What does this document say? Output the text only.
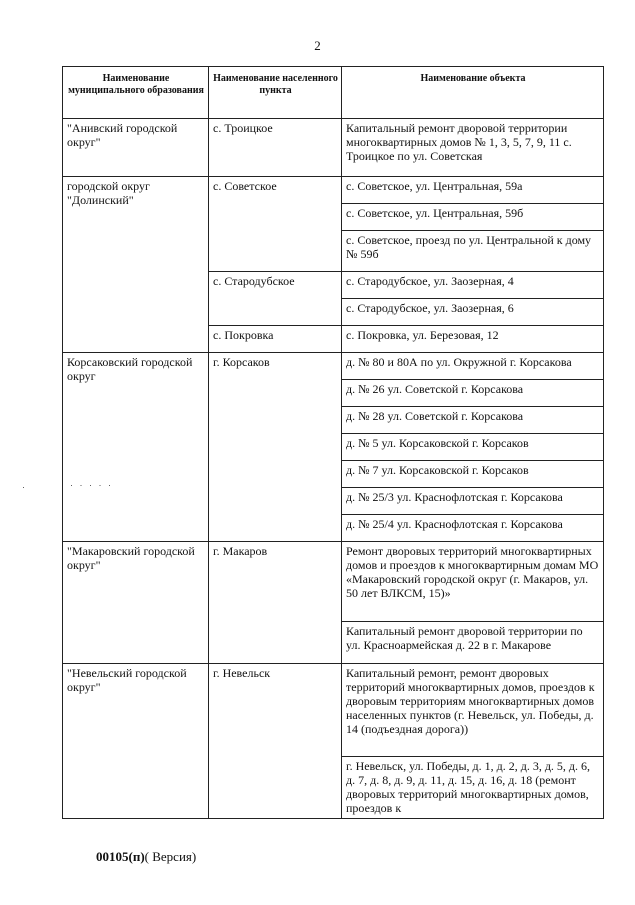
2
Наименование муниципального образования	Наименование населенного пункта	Наименование объекта
"Анивский городской округ"	с. Троицкое	Капитальный ремонт дворовой территории многоквартирных домов № 1, 3, 5, 7, 9, 11 с. Троицкое по ул. Советская
городской округ "Долинский"	с. Советское	с. Советское, ул. Центральная, 59а
		с. Советское, ул. Центральная, 59б
		с. Советское, проезд по ул. Центральной к дому № 59б
	с. Стародубское	с. Стародубское, ул. Заозерная, 4
		с. Стародубское, ул. Заозерная, 6
	с. Покровка	с. Покровка, ул. Березовая, 12
Корсаковский городской округ	г. Корсаков	д. № 80 и 80А по ул. Окружной г. Корсакова
		д. № 26 ул. Советской г. Корсакова
		д. № 28 ул. Советской г. Корсакова
		д. № 5 ул. Корсаковской г. Корсаков
		д. № 7 ул. Корсаковской г. Корсаков
		д. № 25/3 ул. Краснофлотская г. Корсакова
		д. № 25/4 ул. Краснофлотская г. Корсакова
"Макаровский городской округ"	г. Макаров	Ремонт дворовых территорий многоквартирных домов и проездов к многоквартирным домам МО «Макаровский городской округ (г. Макаров, ул. 50 лет ВЛКСМ, 15)»
		Капитальный ремонт дворовой территории по ул. Красноармейская д. 22 в г. Макарове
"Невельский городской округ"	г. Невельск	Капитальный ремонт, ремонт дворовых территорий многоквартирных домов, проездов к дворовым территориям многоквартирных домов населенных пунктов (г. Невельск, ул. Победы, д. 14 (подъездная дорога))
		г. Невельск, ул. Победы, д. 1, д. 2, д. 3, д. 5, д. 6, д. 7, д. 8, д. 9, д. 11, д. 15, д. 16, д. 18 (ремонт дворовых территорий многоквартирных домов, проездов к
·	· · · · ·
00105(п)( Версия)
